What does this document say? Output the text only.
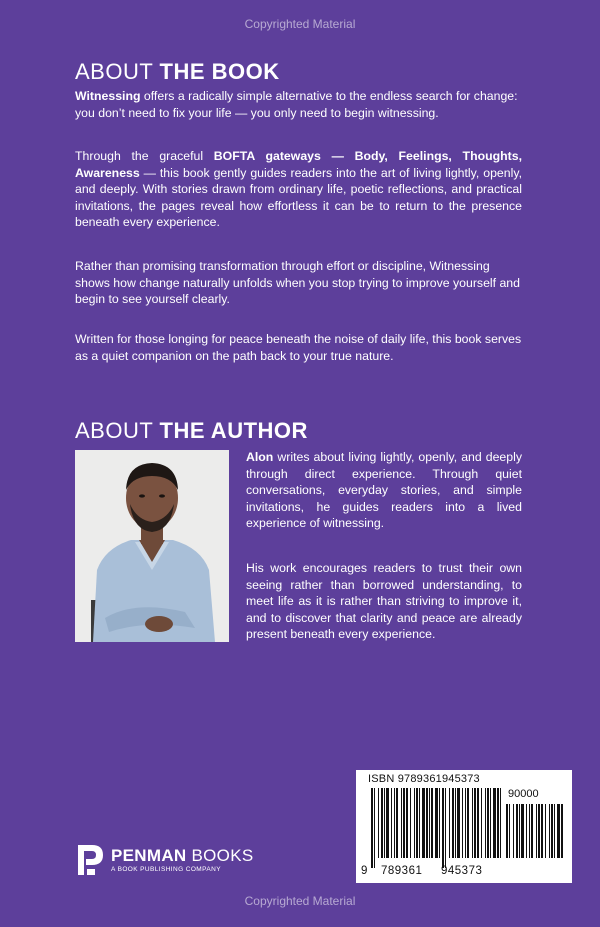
Copyrighted Material
ABOUT THE BOOK

Witnessing offers a radically simple alternative to the endless search for change: you don’t need to fix your life — you only need to begin witnessing.

Through the graceful BOFTA gateways — Body, Feelings, Thoughts, Awareness — this book gently guides readers into the art of living lightly, openly, and deeply. With stories drawn from ordinary life, poetic reflections, and practical invitations, the pages reveal how effortless it can be to return to the presence beneath every experience.

Rather than promising transformation through effort or discipline, Witnessing shows how change naturally unfolds when you stop trying to improve yourself and begin to see yourself clearly.

Written for those longing for peace beneath the noise of daily life, this book serves as a quiet companion on the path back to your true nature.

ABOUT THE AUTHOR

Alon writes about living lightly, openly, and deeply through direct experience. Through quiet conversations, everyday stories, and simple invitations, he guides readers into a lived experience of witnessing.

His work encourages readers to trust their own seeing rather than borrowed understanding, to meet life as it is rather than striving to improve it, and to discover that clarity and peace are already present beneath every experience.

PENMAN BOOKS
A BOOK PUBLISHING COMPANY
ISBN 9789361945373
90000
9 789361 945373
Copyrighted Material
